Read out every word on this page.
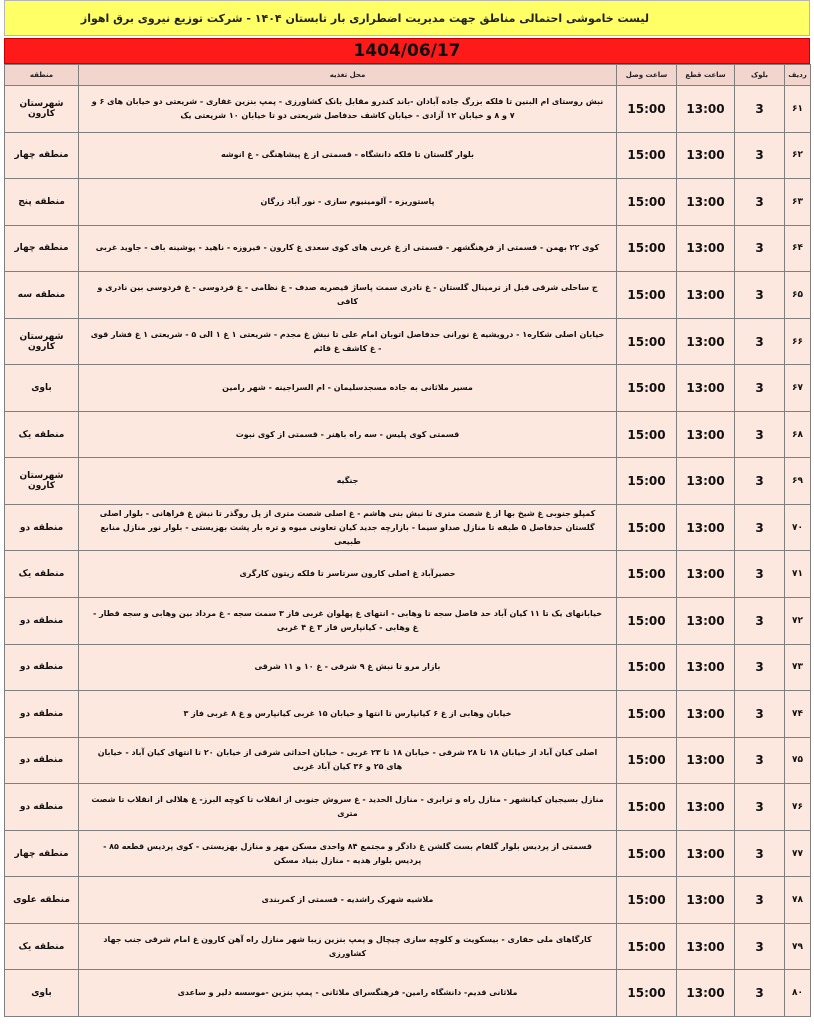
لیست خاموشی احتمالی مناطق جهت مدیریت اضطراری بار تابستان ۱۴۰۴ - شرکت توزیع نیروی برق اهواز
1404/06/17
ردیف	بلوک	ساعت قطع	ساعت وصل	محل تغذیه	منطقه
۶۱	3	13:00	15:00	نبش روستای ام البنین تا فلکه بزرگ جاده آبادان -باند کندرو مقابل بانک کشاورزی - پمپ بنزین غفاری - شریعتی دو خیابان های ۶ و ۷ و ۸ و خیابان ۱۲ آزادی - خیابان کاشف حدفاصل شریعتی دو تا خیابان ۱۰ شریعتی یک	شهرستان کارون
۶۲	3	13:00	15:00	بلوار گلستان تا فلکه دانشگاه - قسمتی از غ پیشاهنگی - غ انوشه	منطقه چهار
۶۳	3	13:00	15:00	پاستوریزه - آلومینیوم سازی - نور آباد زرگان	منطقه پنج
۶۴	3	13:00	15:00	کوی ۲۲ بهمن - قسمتی از فرهنگشهر - قسمتی از غ غربی های کوی سعدی غ کارون - فیروزه - ناهید - پوشینه باف - جاوید غربی	منطقه چهار
۶۵	3	13:00	15:00	ج ساحلی شرقی قبل از ترمینال گلستان - غ نادری سمت پاساژ قیصریه صدف - غ نظامی - غ فردوسی - غ فردوسی بین نادری و کافی	منطقه سه
۶۶	3	13:00	15:00	خیابان اصلی شکاره۱ - درویشیه غ نورانی حدفاصل اتوبان امام علی تا نبش غ مجدم - شریعتی ۱ غ ۱ الی ۵ - شریعتی ۱ غ فشار قوی - غ کاشف غ قائم	شهرستان کارون
۶۷	3	13:00	15:00	مسیر ملاثانی به جاده مسجدسلیمان - ام السراجینه - شهر رامین	باوی
۶۸	3	13:00	15:00	قسمتی کوی پلیس - سه راه باهنر - قسمتی از کوی نبوت	منطقه یک
۶۹	3	13:00	15:00	جنگیه	شهرستان کارون
۷۰	3	13:00	15:00	کمپلو جنوبی غ شیخ بها از غ شصت متری تا نبش بنی هاشم - غ اصلی شصت متری از پل روگذر تا نبش غ فراهانی - بلوار اصلی گلستان حدفاصل ۵ طبقه تا منازل صداو سیما - بازارچه جدید کیان تعاونی میوه و تره بار پشت بهزیستی - بلوار نور منازل منابع طبیعی	منطقه دو
۷۱	3	13:00	15:00	حصیرآباد غ اصلی کارون سرتاسر تا فلکه زیتون کارگری	منطقه یک
۷۲	3	13:00	15:00	خیابانهای یک تا ۱۱ کیان آباد حد فاصل سجه تا وهابی - انتهای غ پهلوان غربی فاز ۳ سمت سجه - غ مرداد بین وهابی و سجه قطار - غ وهابی - کیانپارس فاز ۳ غ ۴ غربی	منطقه دو
۷۳	3	13:00	15:00	بازار مرو تا نبش غ ۹ شرقی - غ ۱۰ و ۱۱ شرقی	منطقه دو
۷۴	3	13:00	15:00	خیابان وهابی از غ ۶ کیانپارس تا انتها و خیابان ۱۵ غربی کیانپارس و غ ۸ غربی فاز ۳	منطقه دو
۷۵	3	13:00	15:00	اصلی کیان آباد از خیابان ۱۸ تا ۲۸ شرقی - خیابان ۱۸ تا ۲۳ غربی - خیابان احداثی شرقی از خیابان ۲۰ تا انتهای کیان آباد - خیابان های ۲۵ و ۳۶ کیان آباد غربی	منطقه دو
۷۶	3	13:00	15:00	منازل بسیجیان کیانشهر - منازل راه و ترابری - منازل الحدید - غ سروش جنوبی از انقلاب تا کوچه البرز- غ هلالی از انقلاب تا شصت متری	منطقه دو
۷۷	3	13:00	15:00	قسمتی از پردیس بلوار گلفام بست گلشن غ دادگر و مجتمع ۸۴ واحدی مسکن مهر و منازل بهزیستی - کوی پردیس قطعه ۸۵ - پردیس بلوار هدیه - منازل بنیاد مسکن	منطقه چهار
۷۸	3	13:00	15:00	ملاشیه شهرک راشدیه - قسمتی از کمربندی	منطقه علوی
۷۹	3	13:00	15:00	کارگاهای ملی حفاری - بیسکویت و کلوچه سازی چیچال و پمپ بنزین زیبا شهر منازل راه آهن کارون غ امام شرقی جنب جهاد کشاورزی	منطقه یک
۸۰	3	13:00	15:00	ملاثانی قدیم- دانشگاه رامین- فرهنگسرای ملاثانی - پمپ بنزین -موسسه دلیر و ساعدی	باوی
